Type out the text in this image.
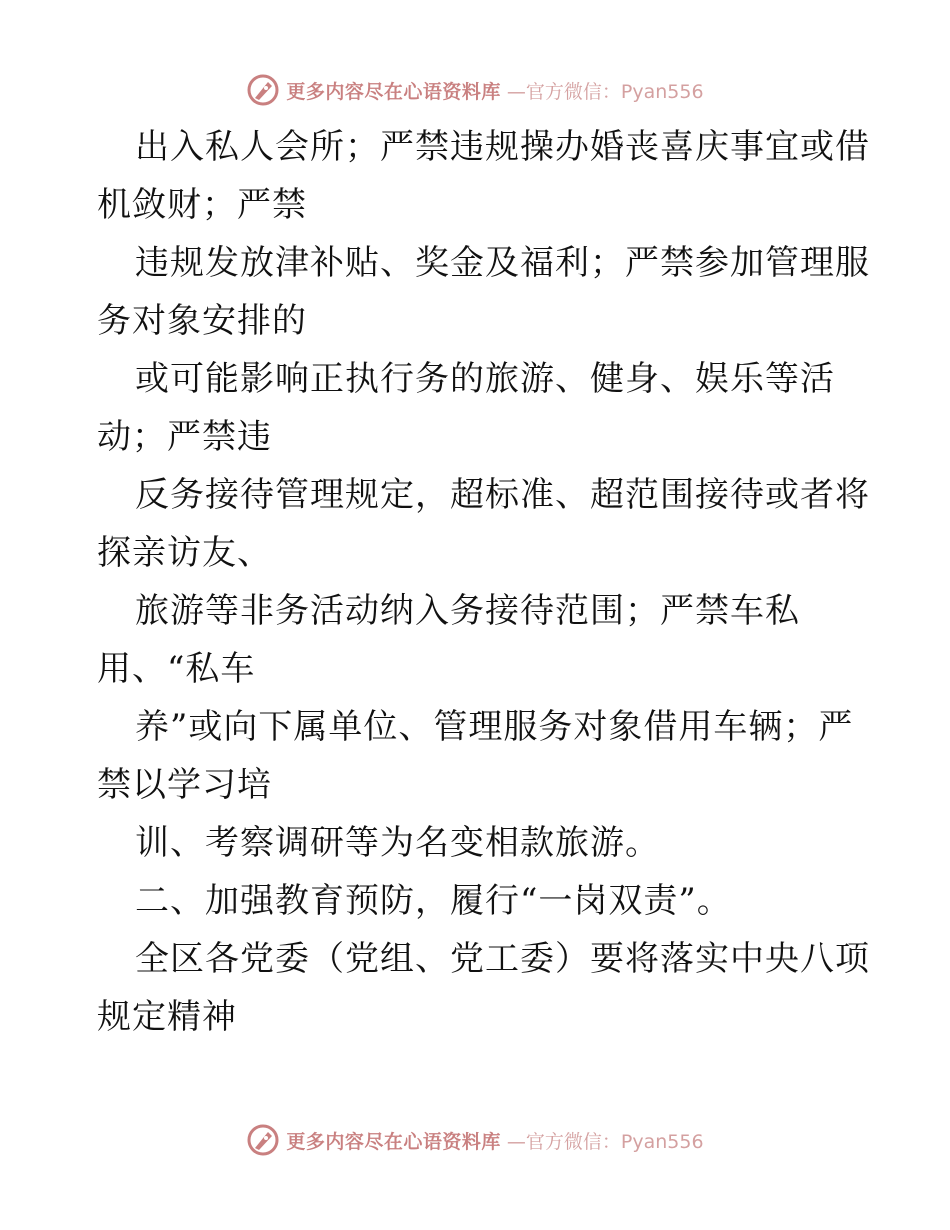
更多内容尽在心语资料库 —官方微信：Pyan556
出入私人会所；严禁违规操办婚丧喜庆事宜或借
机敛财；严禁
违规发放津补贴、奖金及福利；严禁参加管理服
务对象安排的
或可能影响正执行务的旅游、健身、娱乐等活
动；严禁违
反务接待管理规定，超标准、超范围接待或者将
探亲访友、
旅游等非务活动纳入务接待范围；严禁车私
用、“私车
养”或向下属单位、管理服务对象借用车辆；严
禁以学习培
训、考察调研等为名变相款旅游。
二、加强教育预防，履行“一岗双责”。
全区各党委（党组、党工委）要将落实中央八项
规定精神
更多内容尽在心语资料库 —官方微信：Pyan556
